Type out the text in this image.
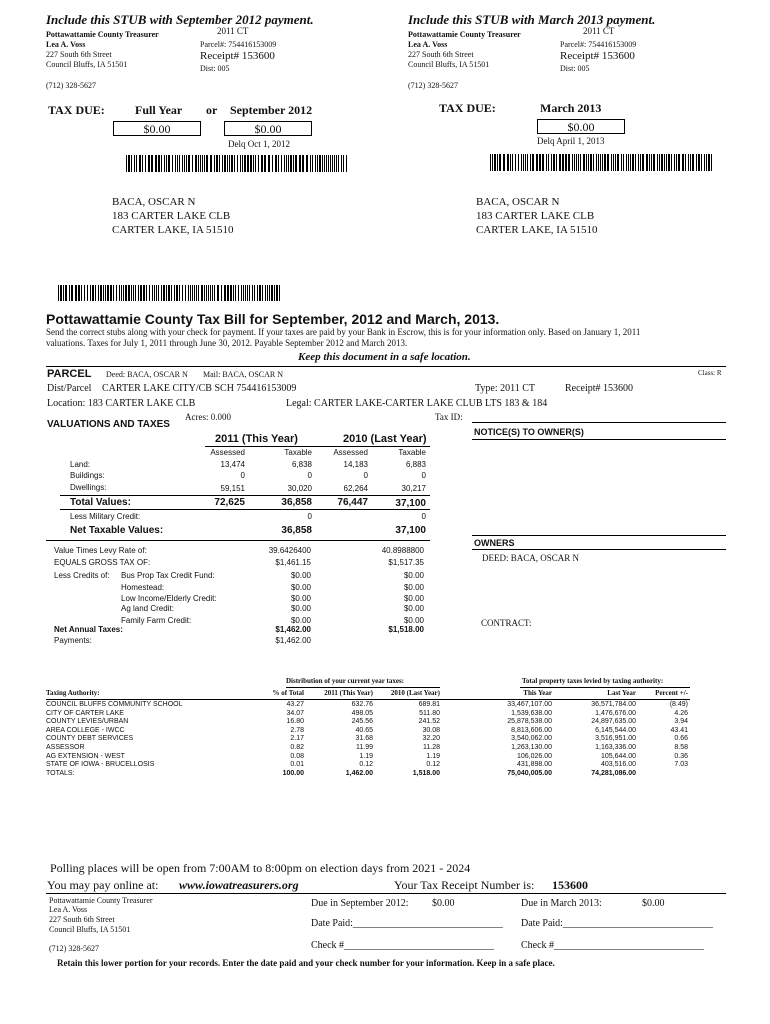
Include this STUB with September 2012 payment.
2011 CT
Pottawattamie County Treasurer
Lea A. Voss	Parcel#: 754416153009
227 South 6th Street	Receipt# 153600
Council Bluffs, IA 51501	Dist: 005
(712) 328-5627
TAX DUE:	Full Year or September 2012
$0.00	$0.00
Delq Oct 1, 2012
BACA, OSCAR N
183 CARTER LAKE CLB
CARTER LAKE, IA 51510
Include this STUB with March 2013 payment.
2011 CT
Pottawattamie County Treasurer
Lea A. Voss	Parcel#: 754416153009
227 South 6th Street	Receipt# 153600
Council Bluffs, IA 51501	Dist: 005
(712) 328-5627
TAX DUE:	March 2013
$0.00
Delq April 1, 2013
BACA, OSCAR N
183 CARTER LAKE CLB
CARTER LAKE, IA 51510
Pottawattamie County Tax Bill for September, 2012 and March, 2013.
Send the correct stubs along with your check for payment. If your taxes are paid by your Bank in Escrow, this is for your information only. Based on January 1, 2011
valuations. Taxes for July 1, 2011 through June 30, 2012. Payable September 2012 and March 2013.
Keep this document in a safe location.
PARCEL Deed: BACA, OSCAR N Mail: BACA, OSCAR N	Class: R
Dist/Parcel CARTER LAKE CITY/CB SCH 754416153009	Type: 2011 CT	Receipt# 153600
Location: 183 CARTER LAKE CLB	Legal: CARTER LAKE-CARTER LAKE CLUB LTS 183 & 184
Acres: 0.000	Tax ID:
VALUATIONS AND TAXES
NOTICE(S) TO OWNER(S)
2011 (This Year)	2010 (Last Year)
Assessed	Taxable	Assessed	Taxable
Land:	13,474	6,838	14,183	6,883
Buildings:	0	0	0	0
Dwellings:	59,151	30,020	62,264	30,217
Total Values:	72,625	36,858	76,447	37,100
Less Military Credit:	0	0
Net Taxable Values:	36,858	37,100
Value Times Levy Rate of:	39.6426400	40.8988800
EQUALS GROSS TAX OF:	$1,461.15	$1,517.35
Less Credits of: Bus Prop Tax Credit Fund:	$0.00	$0.00
Homestead:	$0.00	$0.00
Low Income/Elderly Credit:	$0.00	$0.00
Ag land Credit:	$0.00	$0.00
Family Farm Credit:	$0.00	$0.00
Net Annual Taxes:	$1,462.00	$1,518.00
Payments:	$1,462.00
OWNERS
DEED: BACA, OSCAR N
CONTRACT:
Distribution of your current year taxes:	Total property taxes levied by taxing authority:
Taxing Authority:	% of Total	2011 (This Year)	2010 (Last Year)	This Year	Last Year	Percent +/-
COUNCIL BLUFFS COMMUNITY SCHOOL	43.27	632.76	689.81	33,467,107.00	36,571,784.00	(8.49)
CITY OF CARTER LAKE	34.07	498.05	511.80	1,539,638.00	1,476,676.00	4.26
COUNTY LEVIES/URBAN	16.80	245.56	241.52	25,878,538.00	24,897,635.00	3.94
AREA COLLEGE - IWCC	2.78	40.65	30.08	8,813,606.00	6,145,544.00	43.41
COUNTY DEBT SERVICES	2.17	31.68	32.20	3,540,062.00	3,516,951.00	0.66
ASSESSOR	0.82	11.99	11.28	1,263,130.00	1,163,336.00	8.58
AG EXTENSION - WEST	0.08	1.19	1.19	106,026.00	105,644.00	0.36
STATE OF IOWA - BRUCELLOSIS	0.01	0.12	0.12	431,898.00	403,516.00	7.03
TOTALS:	100.00	1,462.00	1,518.00	75,040,005.00	74,281,086.00
Polling places will be open from 7:00AM to 8:00pm on election days from 2021 - 2024
You may pay online at: www.iowatreasurers.org	Your Tax Receipt Number is: 153600
Pottawattamie County Treasurer
Lea A. Voss
227 South 6th Street
Council Bluffs, IA 51501
(712) 328-5627
Due in September 2012: $0.00	Due in March 2013:	$0.00
Date Paid:______________________________ Date Paid:______________________________
Check #______________________________	Check #______________________________
Retain this lower portion for your records. Enter the date paid and your check number for your information. Keep in a safe place.
